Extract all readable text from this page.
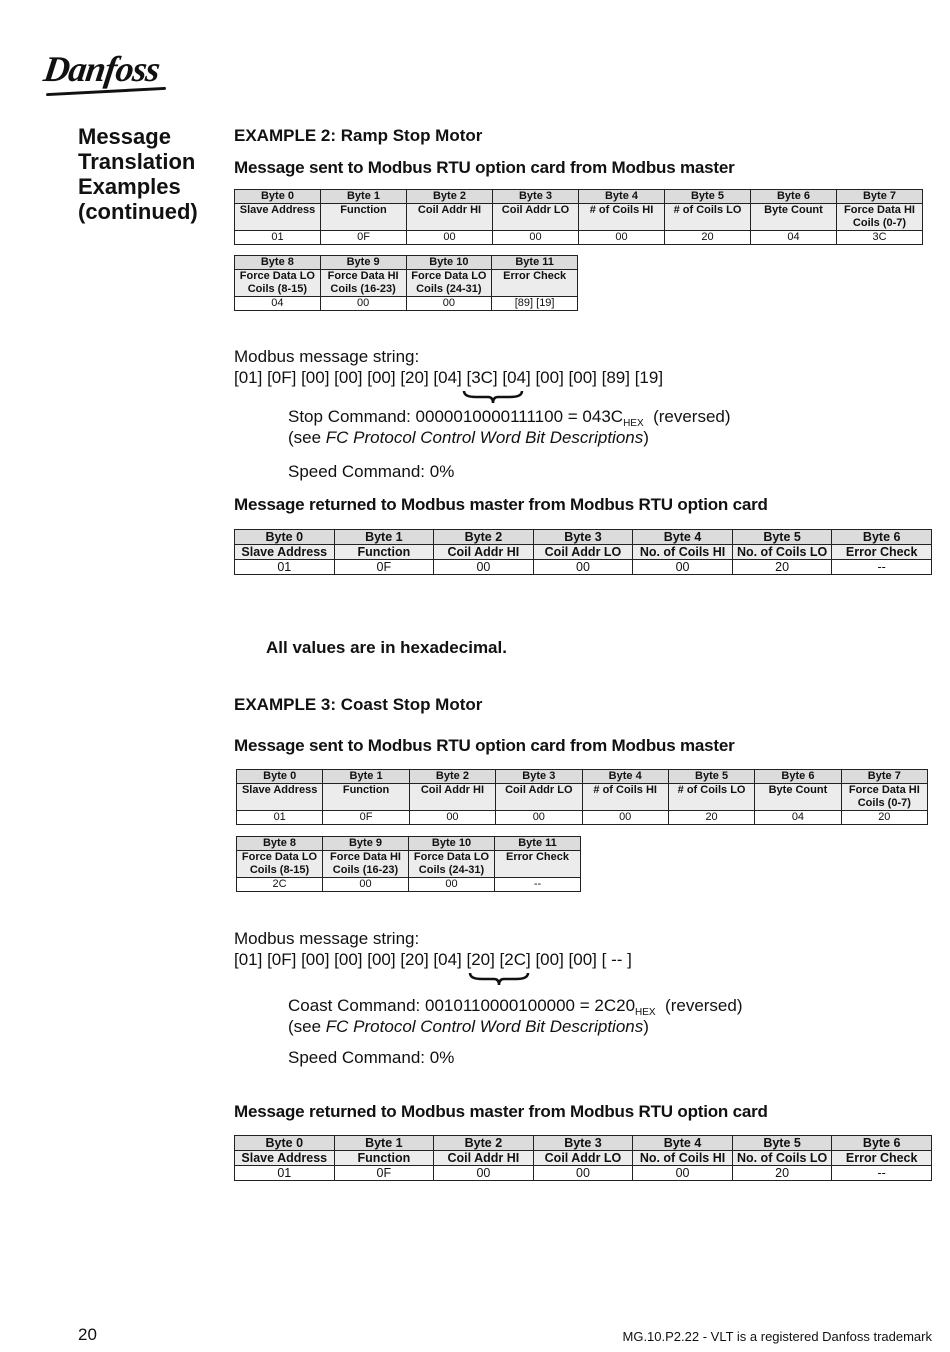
Danfoss
Message
Translation
Examples
(continued)
EXAMPLE 2: Ramp Stop Motor
Message sent to Modbus RTU option card from Modbus master
Byte 0	Byte 1	Byte 2	Byte 3	Byte 4	Byte 5	Byte 6	Byte 7
Slave Address	Function	Coil Addr HI	Coil Addr LO	# of Coils HI	# of Coils LO	Byte Count	Force Data HI Coils (0-7)
01	0F	00	00	00	20	04	3C
Byte 8	Byte 9	Byte 10	Byte 11
Force Data LO Coils (8-15)	Force Data HI Coils (16-23)	Force Data LO Coils (24-31)	Error Check
04	00	00	[89] [19]
Modbus message string:
[01] [0F] [00] [00] [00] [20] [04] [3C] [04] [00] [00] [89] [19]
Stop Command: $0000010000111100 = 043C_{HEX}$  (reversed)
(see FC Protocol Control Word Bit Descriptions)
Speed Command: 0%
Message returned to Modbus master from Modbus RTU option card
Byte 0	Byte 1	Byte 2	Byte 3	Byte 4	Byte 5	Byte 6
Slave Address	Function	Coil Addr HI	Coil Addr LO	No. of Coils HI	No. of Coils LO	Error Check
01	0F	00	00	00	20	--
All values are in hexadecimal.
EXAMPLE 3: Coast Stop Motor
Message sent to Modbus RTU option card from Modbus master
Byte 0	Byte 1	Byte 2	Byte 3	Byte 4	Byte 5	Byte 6	Byte 7
Slave Address	Function	Coil Addr HI	Coil Addr LO	# of Coils HI	# of Coils LO	Byte Count	Force Data HI Coils (0-7)
01	0F	00	00	00	20	04	20
Byte 8	Byte 9	Byte 10	Byte 11
Force Data LO Coils (8-15)	Force Data HI Coils (16-23)	Force Data LO Coils (24-31)	Error Check
2C	00	00	--
Modbus message string:
[01] [0F] [00] [00] [00] [20] [04] [20] [2C] [00] [00] [ -- ]
Coast Command: $0010110000100000 = 2C20_{HEX}$  (reversed)
(see FC Protocol Control Word Bit Descriptions)
Speed Command: 0%
Message returned to Modbus master from Modbus RTU option card
Byte 0	Byte 1	Byte 2	Byte 3	Byte 4	Byte 5	Byte 6
Slave Address	Function	Coil Addr HI	Coil Addr LO	No. of Coils HI	No. of Coils LO	Error Check
01	0F	00	00	00	20	--
20	MG.10.P2.22 - VLT is a registered Danfoss trademark
